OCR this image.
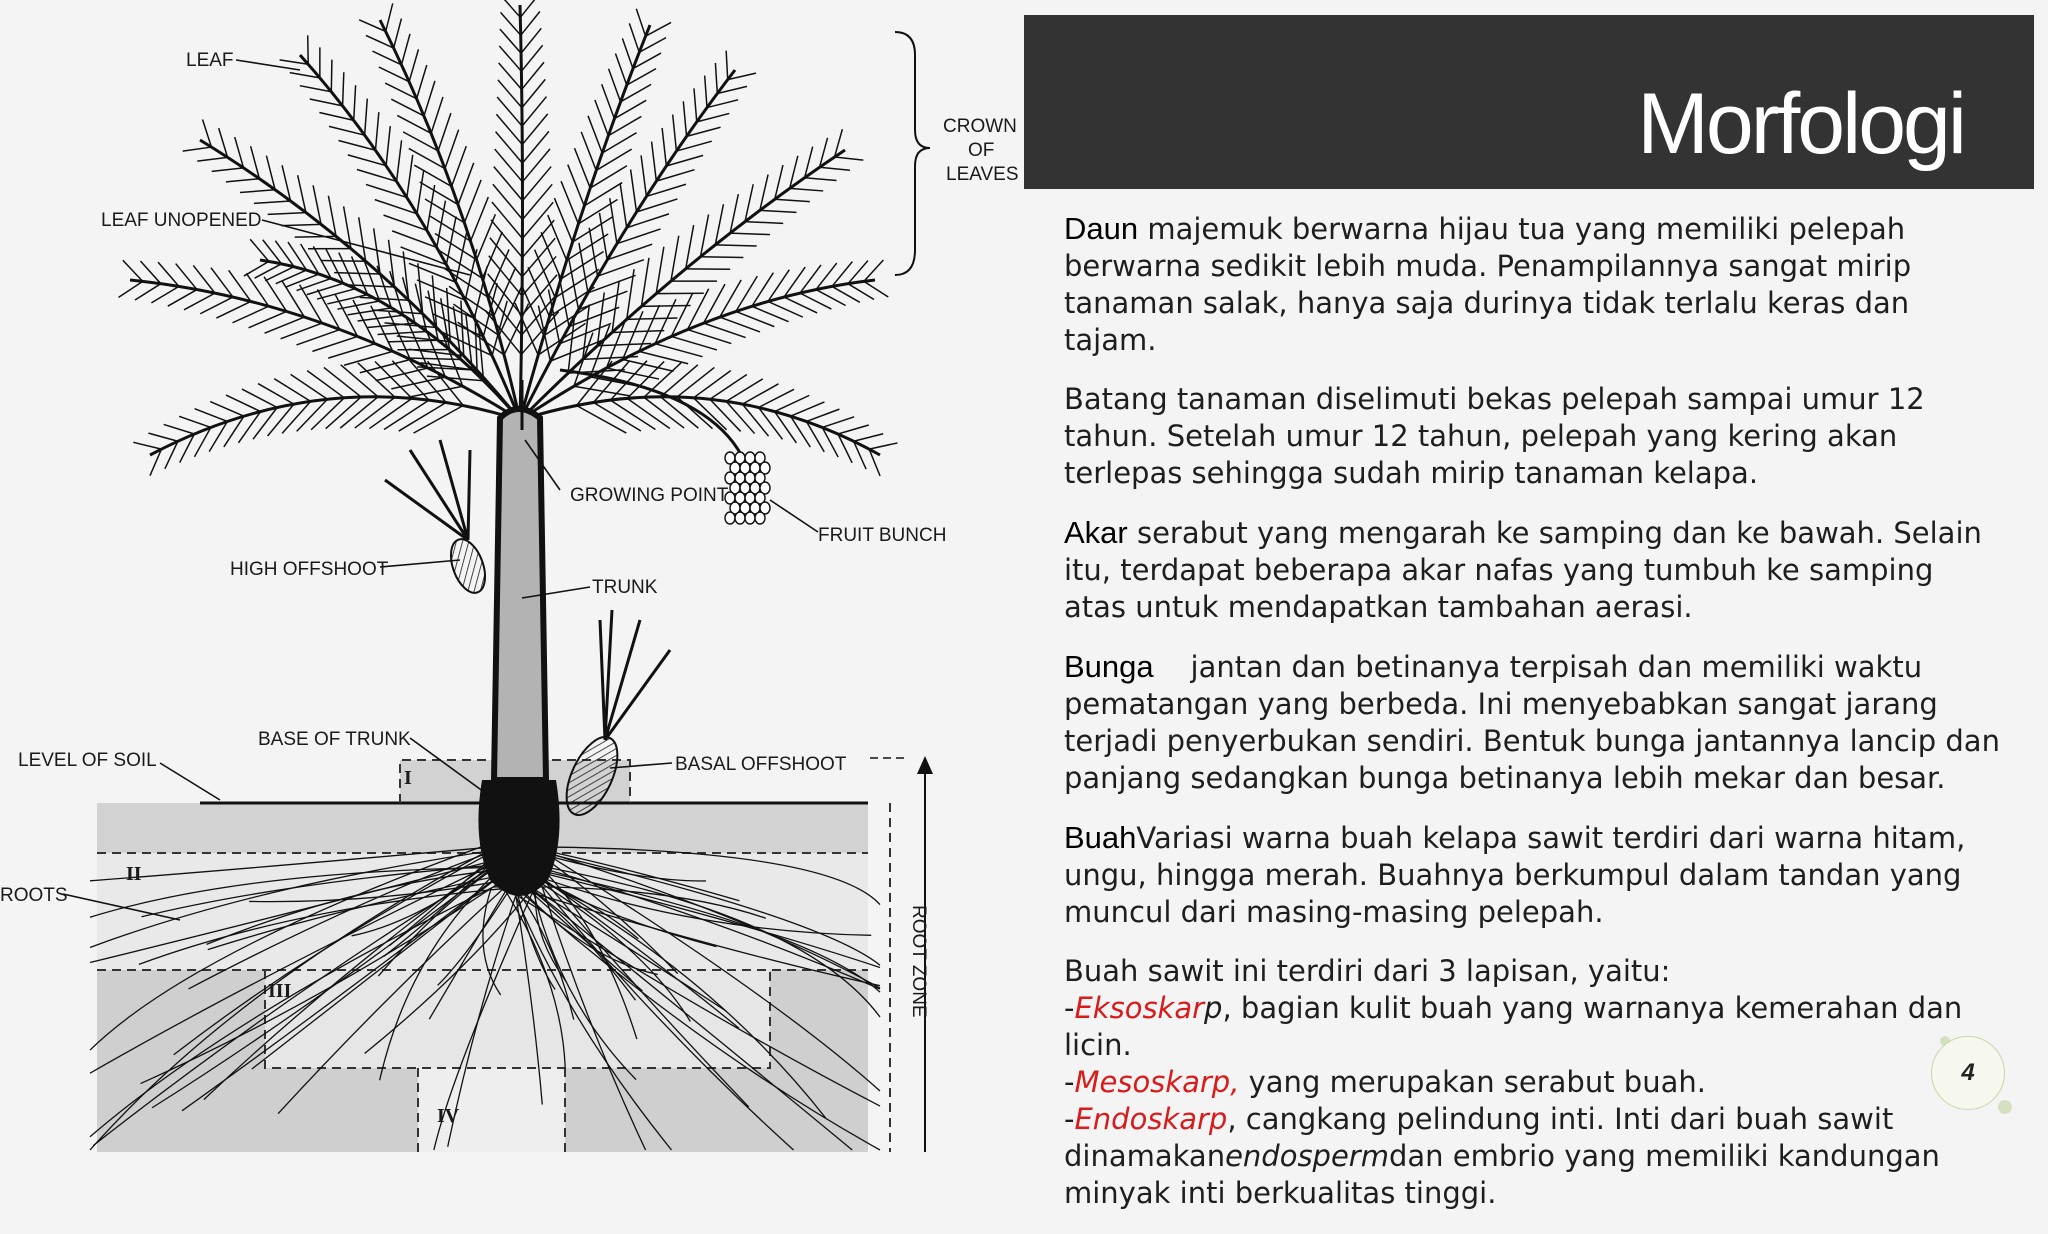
LEAF
CROWN
OF
LEAVES
LEAF UNOPENED
GROWING POINT
FRUIT BUNCH
HIGH OFFSHOOT
TRUNK
BASE OF TRUNK
LEVEL OF SOIL	BASAL OFFSHOOT
ROOTS
ROOT ZONE
I
II
III
IV
Morfologi

Daun majemuk berwarna hijau tua yang memiliki pelepah berwarna sedikit lebih muda. Penampilannya sangat mirip tanaman salak, hanya saja durinya tidak terlalu keras dan tajam.

Batang tanaman diselimuti bekas pelepah sampai umur 12 tahun. Setelah umur 12 tahun, pelepah yang kering akan terlepas sehingga sudah mirip tanaman kelapa.

Akar serabut yang mengarah ke samping dan ke bawah. Selain itu, terdapat beberapa akar nafas yang tumbuh ke samping atas untuk mendapatkan tambahan aerasi.

Bunga    jantan dan betinanya terpisah dan memiliki waktu pematangan yang berbeda. Ini menyebabkan sangat jarang terjadi penyerbukan sendiri. Bentuk bunga jantannya lancip dan panjang sedangkan bunga betinanya lebih mekar dan besar.

BuahVariasi warna buah kelapa sawit terdiri dari warna hitam, ungu, hingga merah. Buahnya berkumpul dalam tandan yang muncul dari masing-masing pelepah.

Buah sawit ini terdiri dari 3 lapisan, yaitu:
-Eksoskarp, bagian kulit buah yang warnanya kemerahan dan licin.
-Mesoskarp, yang merupakan serabut buah.
-Endoskarp, cangkang pelindung inti. Inti dari buah sawit dinamakanendospermdan embrio yang memiliki kandungan minyak inti berkualitas tinggi.

4
